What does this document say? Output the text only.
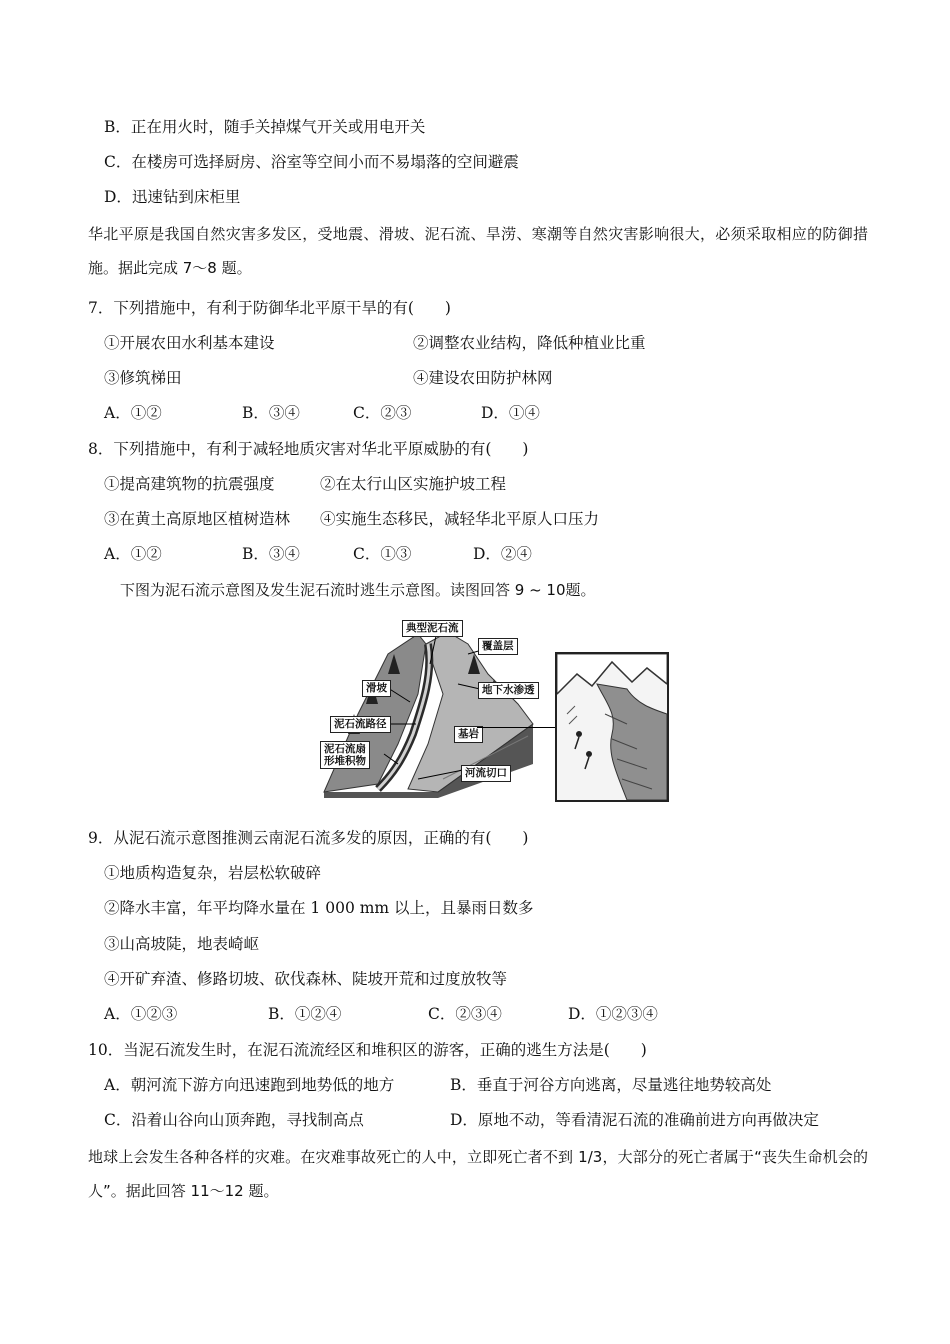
B．正在用火时，随手关掉煤气开关或用电开关
C．在楼房可选择厨房、浴室等空间小而不易塌落的空间避震
D．迅速钻到床柜里
华北平原是我国自然灾害多发区，受地震、滑坡、泥石流、旱涝、寒潮等自然灾害影响很大，必须采取相应的防御措施。据此完成 7～8 题。
7．下列措施中，有利于防御华北平原干旱的有(　　)
①开展农田水利基本建设	②调整农业结构，降低种植业比重
③修筑梯田	④建设农田防护林网
A．①②	B．③④	C．②③	D．①④
8．下列措施中，有利于减轻地质灾害对华北平原威胁的有(　　)
①提高建筑物的抗震强度	②在太行山区实施护坡工程
③在黄土高原地区植树造林 ④实施生态移民，减轻华北平原人口压力
A．①②	B．③④	C．①③	D．②④
下图为泥石流示意图及发生泥石流时逃生示意图。读图回答 9 ~ 10题。
典型泥石流
覆盖层
滑坡	地下水渗透
泥石流路径
基岩
泥石流扇
形堆积物
河流切口
9．从泥石流示意图推测云南泥石流多发的原因，正确的有(　　)
①地质构造复杂，岩层松软破碎
②降水丰富，年平均降水量在 1 000 mm 以上，且暴雨日数多
③山高坡陡，地表崎岖
④开矿弃渣、修路切坡、砍伐森林、陡坡开荒和过度放牧等
A．①②③	B．①②④	C．②③④	D．①②③④
10．当泥石流发生时，在泥石流流经区和堆积区的游客，正确的逃生方法是(　　)
A．朝河流下游方向迅速跑到地势低的地方	B．垂直于河谷方向逃离，尽量逃往地势较高处
C．沿着山谷向山顶奔跑，寻找制高点	D．原地不动，等看清泥石流的准确前进方向再做决定
地球上会发生各种各样的灾难。在灾难事故死亡的人中，立即死亡者不到 1/3，大部分的死亡者属于“丧失生命机会的人”。据此回答 11～12 题。
